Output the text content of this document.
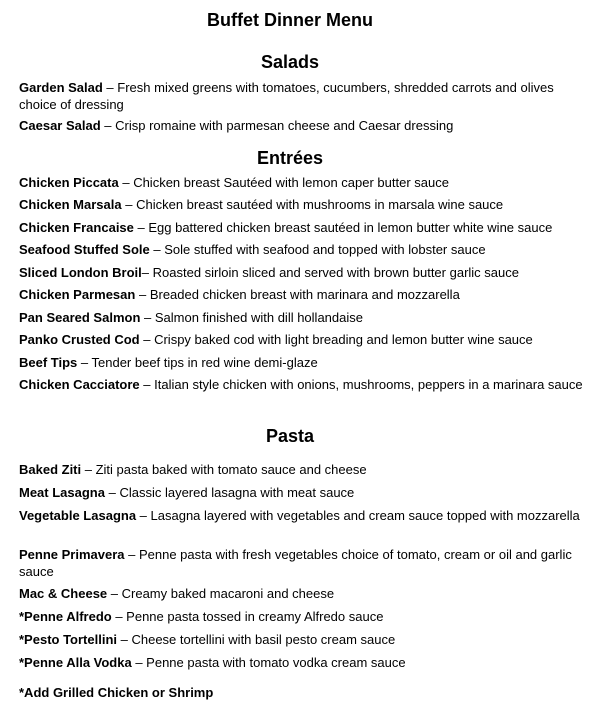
Buffet Dinner Menu
Salads
Garden Salad – Fresh mixed greens with tomatoes, cucumbers, shredded carrots and olives choice of dressing
Caesar Salad – Crisp romaine with parmesan cheese and Caesar dressing
Entrées
Chicken Piccata – Chicken breast Sautéed with lemon caper butter sauce
Chicken Marsala – Chicken breast sautéed with mushrooms in marsala wine sauce
Chicken Francaise – Egg battered chicken breast sautéed in lemon butter white wine sauce
Seafood Stuffed Sole – Sole stuffed with seafood and topped with lobster sauce
Sliced London Broil– Roasted sirloin sliced and served with brown butter garlic sauce
Chicken Parmesan – Breaded chicken breast with marinara and mozzarella
Pan Seared Salmon – Salmon finished with dill hollandaise
Panko Crusted Cod – Crispy baked cod with light breading and lemon butter wine sauce
Beef Tips – Tender beef tips in red wine demi-glaze
Chicken Cacciatore – Italian style chicken with onions, mushrooms, peppers in a marinara sauce
Pasta
Baked Ziti – Ziti pasta baked with tomato sauce and cheese
Meat Lasagna – Classic layered lasagna with meat sauce
Vegetable Lasagna – Lasagna layered with vegetables and cream sauce topped with mozzarella
Penne Primavera – Penne pasta with fresh vegetables choice of tomato, cream or oil and garlic sauce
Mac & Cheese – Creamy baked macaroni and cheese
*Penne Alfredo – Penne pasta tossed in creamy Alfredo sauce
*Pesto Tortellini – Cheese tortellini with basil pesto cream sauce
*Penne Alla Vodka – Penne pasta with tomato vodka cream sauce
*Add Grilled Chicken or Shrimp
